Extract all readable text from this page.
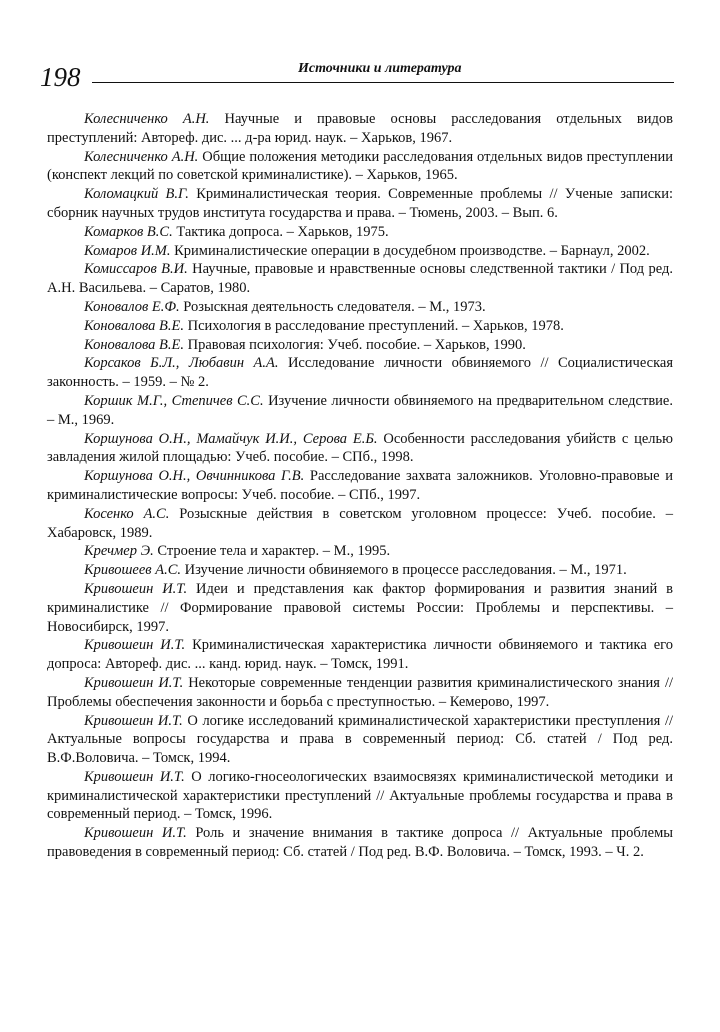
198	Источники и литература

Колесниченко А.Н. Научные и правовые основы расследования отдельных видов преступлений: Автореф. дис. ... д-ра юрид. наук. – Харьков, 1967.

Колесниченко А.Н. Общие положения методики расследования отдельных видов преступлении (конспект лекций по советской криминалистике). – Харьков, 1965.

Коломацкий В.Г. Криминалистическая теория. Современные проблемы // Ученые записки: сборник научных трудов института государства и права. – Тюмень, 2003. – Вып. 6.

Комарков В.С. Тактика допроса. – Харьков, 1975.

Комаров И.М. Криминалистические операции в досудебном производстве. – Барнаул, 2002.

Комиссаров В.И. Научные, правовые и нравственные основы следственной тактики / Под ред. А.Н. Васильева. – Саратов, 1980.

Коновалов Е.Ф. Розыскная деятельность следователя. – М., 1973.

Коновалова В.Е. Психология в расследование преступлений. – Харьков, 1978.

Коновалова В.Е. Правовая психология: Учеб. пособие. – Харьков, 1990.

Корсаков Б.Л., Любавин А.А. Исследование личности обвиняемого // Социалистическая законность. – 1959. – № 2.

Коршик М.Г., Степичев С.С. Изучение личности обвиняемого на предварительном следствие. – М., 1969.

Коршунова О.Н., Мамайчук И.И., Серова Е.Б. Особенности расследования убийств с целью завладения жилой площадью: Учеб. пособие. – СПб., 1998.

Коршунова О.Н., Овчинникова Г.В. Расследование захвата заложников. Уголовно-правовые и криминалистические вопросы: Учеб. пособие. – СПб., 1997.

Косенко А.С. Розыскные действия в советском уголовном процессе: Учеб. пособие. – Хабаровск, 1989.

Кречмер Э. Строение тела и характер. – М., 1995.

Кривошеев А.С. Изучение личности обвиняемого в процессе расследования. – М., 1971.

Кривошеин И.Т. Идеи и представления как фактор формирования и развития знаний в криминалистике // Формирование правовой системы России: Проблемы и перспективы. – Новосибирск, 1997.

Кривошеин И.Т. Криминалистическая характеристика личности обвиняемого и тактика его допроса: Автореф. дис. ... канд. юрид. наук. – Томск, 1991.

Кривошеин И.Т. Некоторые современные тенденции развития криминалистического знания // Проблемы обеспечения законности и борьба с преступностью. – Кемерово, 1997.

Кривошеин И.Т. О логике исследований криминалистической характеристики преступления // Актуальные вопросы государства и права в современный период: Сб. статей / Под ред. В.Ф.Воловича. – Томск, 1994.

Кривошеин И.Т. О логико-гносеологических взаимосвязях криминалистической методики и криминалистической характеристики преступлений // Актуальные проблемы государства и права в современный период. – Томск, 1996.

Кривошеин И.Т. Роль и значение внимания в тактике допроса // Актуальные проблемы правоведения в современный период: Сб. статей / Под ред. В.Ф. Воловича. – Томск, 1993. – Ч. 2.
